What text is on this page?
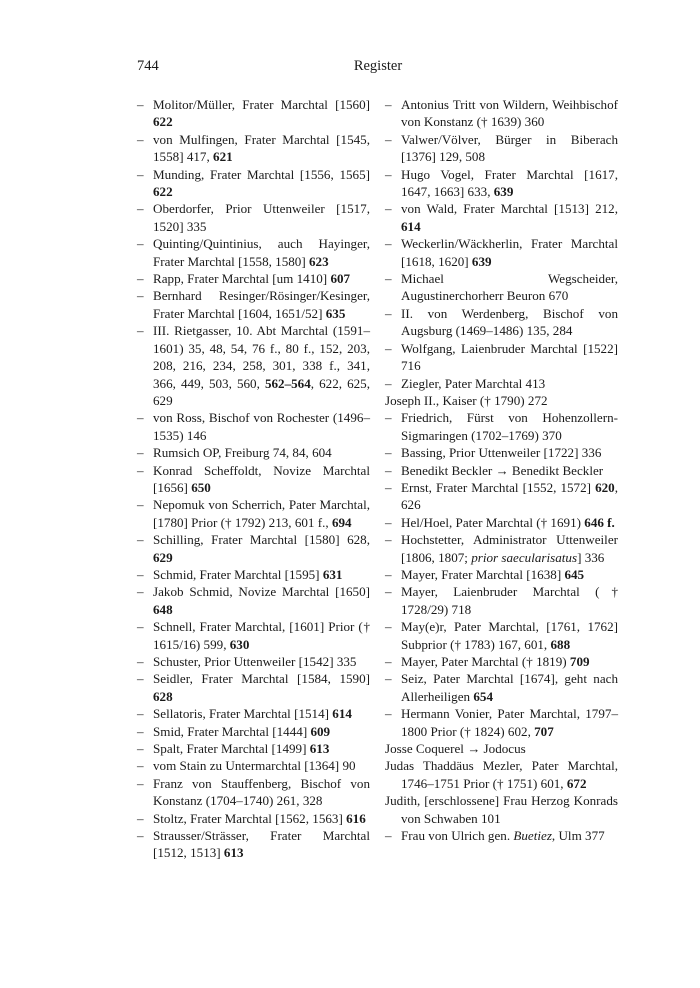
744	Register

– Molitor/Müller, Frater Marchtal [1560] 622

– von Mulfingen, Frater Marchtal [1545, 1558] 417, 621

– Munding, Frater Marchtal [1556, 1565] 622

– Oberdorfer, Prior Uttenweiler [1517, 1520] 335

– Quinting/Quintinius, auch Hayinger, Frater Marchtal [1558, 1580] 623

– Rapp, Frater Marchtal [um 1410] 607

– Bernhard Resinger/Rösinger/Kesinger, Frater Marchtal [1604, 1651/52] 635

– III. Rietgasser, 10. Abt Marchtal (1591–1601) 35, 48, 54, 76 f., 80 f., 152, 203, 208, 216, 234, 258, 301, 338 f., 341, 366, 449, 503, 560, 562–564, 622, 625, 629

– von Ross, Bischof von Rochester (1496–1535) 146

– Rumsich OP, Freiburg 74, 84, 604

– Konrad Scheffoldt, Novize Marchtal [1656] 650

– Nepomuk von Scherrich, Pater Marchtal, [1780] Prior († 1792) 213, 601 f., 694

– Schilling, Frater Marchtal [1580] 628, 629

– Schmid, Frater Marchtal [1595] 631

– Jakob Schmid, Novize Marchtal [1650] 648

– Schnell, Frater Marchtal, [1601] Prior († 1615/16) 599, 630

– Schuster, Prior Uttenweiler [1542] 335

– Seidler, Frater Marchtal [1584, 1590] 628

– Sellatoris, Frater Marchtal [1514] 614

– Smid, Frater Marchtal [1444] 609

– Spalt, Frater Marchtal [1499] 613

– vom Stain zu Untermarchtal [1364] 90

– Franz von Stauffenberg, Bischof von Konstanz (1704–1740) 261, 328

– Stoltz, Frater Marchtal [1562, 1563] 616

– Strausser/Strässer, Frater Marchtal [1512, 1513] 613

– Antonius Tritt von Wildern, Weihbischof von Konstanz († 1639) 360

– Valwer/Völver, Bürger in Biberach [1376] 129, 508

– Hugo Vogel, Frater Marchtal [1617, 1647, 1663] 633, 639

– von Wald, Frater Marchtal [1513] 212, 614

– Weckerlin/Wäckherlin, Frater Marchtal [1618, 1620] 639

– Michael Wegscheider, Augustinerchorherr Beuron 670

– II. von Werdenberg, Bischof von Augsburg (1469–1486) 135, 284

– Wolfgang, Laienbruder Marchtal [1522] 716

– Ziegler, Pater Marchtal 413

Joseph II., Kaiser († 1790) 272

– Friedrich, Fürst von Hohenzollern-Sigmaringen (1702–1769) 370

– Bassing, Prior Uttenweiler [1722] 336

– Benedikt Beckler → Benedikt Beckler

– Ernst, Frater Marchtal [1552, 1572] 620, 626

– Hel/Hoel, Pater Marchtal († 1691) 646 f.

– Hochstetter, Administrator Uttenweiler [1806, 1807; prior saecularisatus] 336

– Mayer, Frater Marchtal [1638] 645

– Mayer, Laienbruder Marchtal († 1728/29) 718

– May(e)r, Pater Marchtal, [1761, 1762] Subprior († 1783) 167, 601, 688

– Mayer, Pater Marchtal († 1819) 709

– Seiz, Pater Marchtal [1674], geht nach Allerheiligen 654

– Hermann Vonier, Pater Marchtal, 1797–1800 Prior († 1824) 602, 707

Josse Coquerel → Jodocus

Judas Thaddäus Mezler, Pater Marchtal, 1746–1751 Prior († 1751) 601, 672

Judith, [erschlossene] Frau Herzog Konrads von Schwaben 101

– Frau von Ulrich gen. Buetiez, Ulm 377
